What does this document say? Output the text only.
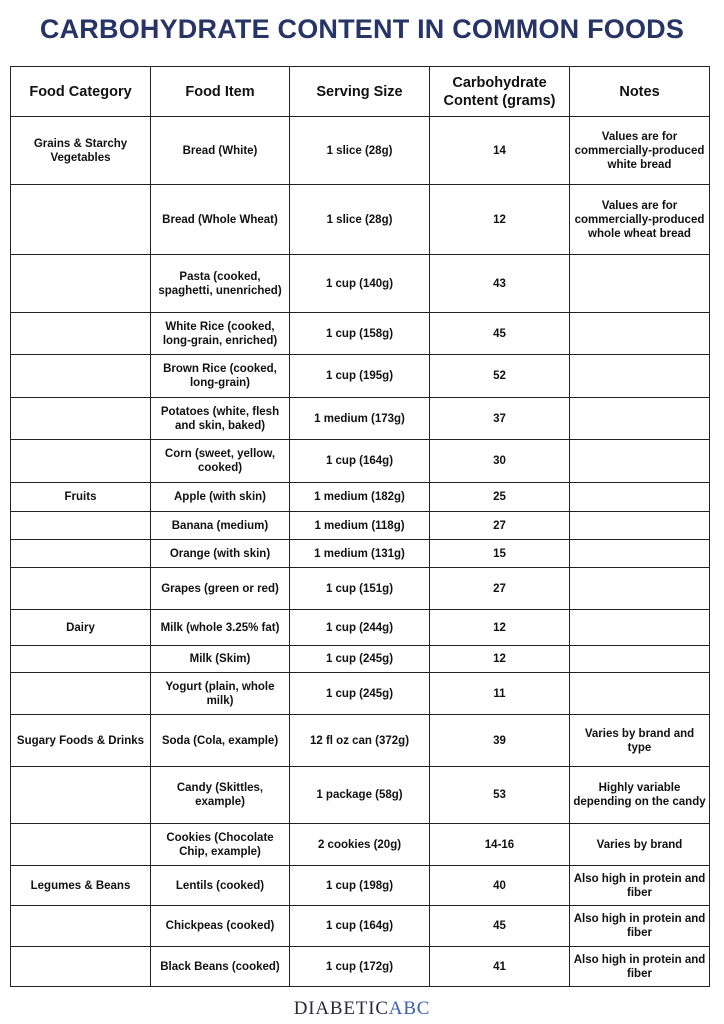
CARBOHYDRATE CONTENT IN COMMON FOODS
Food Category	Food Item	Serving Size	Carbohydrate Content (grams)	Notes
Grains & Starchy Vegetables	Bread (White)	1 slice (28g)	14	Values are for commercially-produced white bread
	Bread (Whole Wheat)	1 slice (28g)	12	Values are for commercially-produced whole wheat bread
	Pasta (cooked, spaghetti, unenriched)	1 cup (140g)	43	
	White Rice (cooked, long-grain, enriched)	1 cup (158g)	45	
	Brown Rice (cooked, long-grain)	1 cup (195g)	52	
	Potatoes (white, flesh and skin, baked)	1 medium (173g)	37	
	Corn (sweet, yellow, cooked)	1 cup (164g)	30	
Fruits	Apple (with skin)	1 medium (182g)	25	
	Banana (medium)	1 medium (118g)	27	
	Orange (with skin)	1 medium (131g)	15	
	Grapes (green or red)	1 cup (151g)	27	
Dairy	Milk (whole 3.25% fat)	1 cup (244g)	12	
	Milk (Skim)	1 cup (245g)	12	
	Yogurt (plain, whole milk)	1 cup (245g)	11	
Sugary Foods & Drinks	Soda (Cola, example)	12 fl oz can (372g)	39	Varies by brand and type
	Candy (Skittles, example)	1 package (58g)	53	Highly variable depending on the candy
	Cookies (Chocolate Chip, example)	2 cookies (20g)	14-16	Varies by brand
Legumes & Beans	Lentils (cooked)	1 cup (198g)	40	Also high in protein and fiber
	Chickpeas (cooked)	1 cup (164g)	45	Also high in protein and fiber
	Black Beans (cooked)	1 cup (172g)	41	Also high in protein and fiber
DIABETICABC
